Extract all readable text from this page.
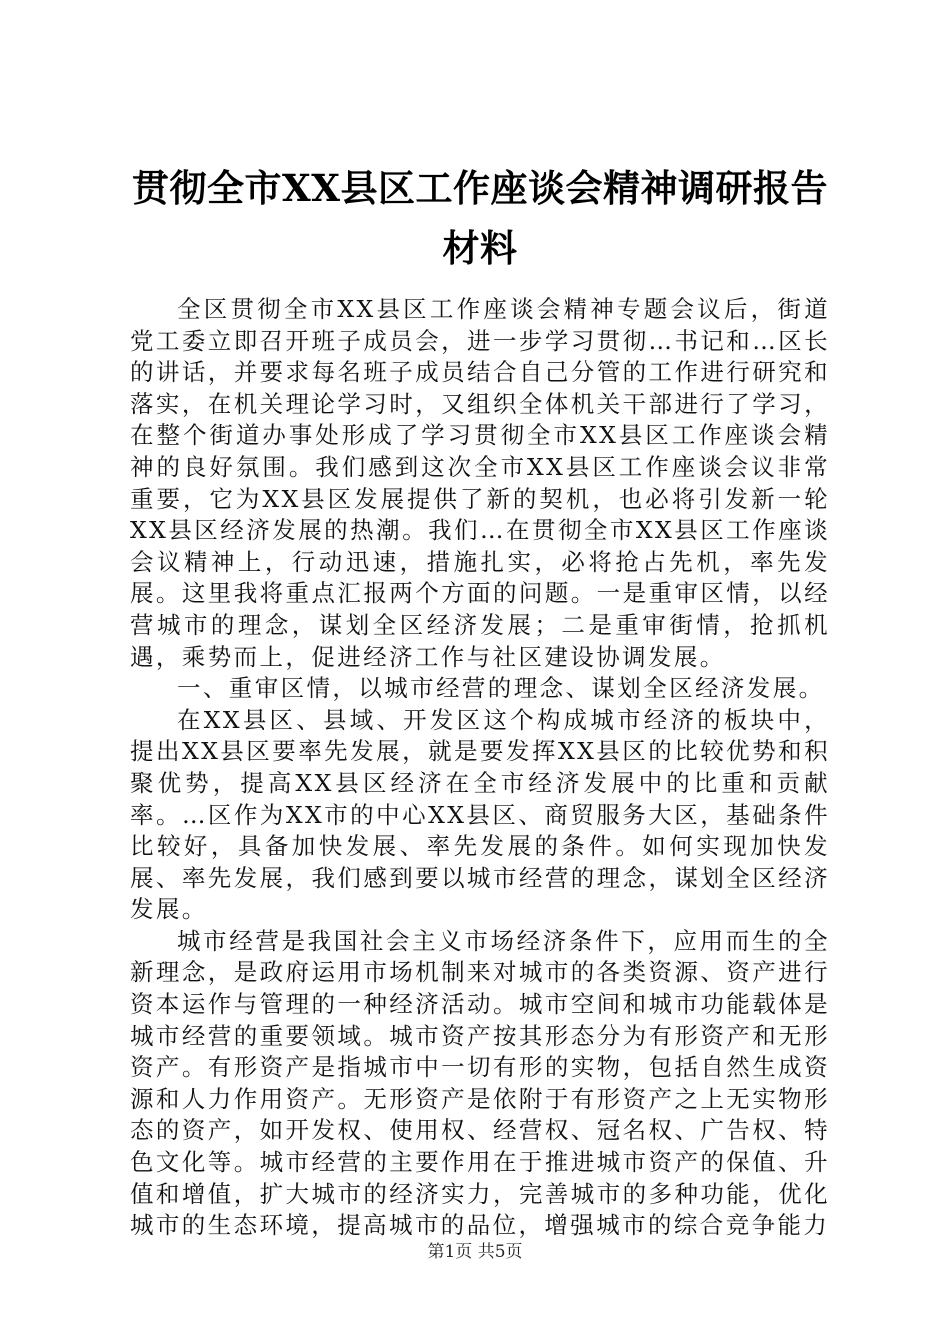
贯彻全市XX县区工作座谈会精神调研报告材料

全区贯彻全市XX县区工作座谈会精神专题会议后，街道党工委立即召开班子成员会，进一步学习贯彻…书记和…区长的讲话，并要求每名班子成员结合自己分管的工作进行研究和落实，在机关理论学习时，又组织全体机关干部进行了学习，在整个街道办事处形成了学习贯彻全市XX县区工作座谈会精神的良好氛围。我们感到这次全市XX县区工作座谈会议非常重要，它为XX县区发展提供了新的契机，也必将引发新一轮XX县区经济发展的热潮。我们…在贯彻全市XX县区工作座谈会议精神上，行动迅速，措施扎实，必将抢占先机，率先发展。这里我将重点汇报两个方面的问题。一是重审区情，以经营城市的理念，谋划全区经济发展；二是重审街情，抢抓机遇，乘势而上，促进经济工作与社区建设协调发展。

一、重审区情，以城市经营的理念、谋划全区经济发展。

在XX县区、县域、开发区这个构成城市经济的板块中，提出XX县区要率先发展，就是要发挥XX县区的比较优势和积聚优势，提高XX县区经济在全市经济发展中的比重和贡献率。…区作为XX市的中心XX县区、商贸服务大区，基础条件比较好，具备加快发展、率先发展的条件。如何实现加快发展、率先发展，我们感到要以城市经营的理念，谋划全区经济发展。

城市经营是我国社会主义市场经济条件下，应用而生的全新理念，是政府运用市场机制来对城市的各类资源、资产进行资本运作与管理的一种经济活动。城市空间和城市功能载体是城市经营的重要领域。城市资产按其形态分为有形资产和无形资产。有形资产是指城市中一切有形的实物，包括自然生成资源和人力作用资产。无形资产是依附于有形资产之上无实物形态的资产，如开发权、使用权、经营权、冠名权、广告权、特色文化等。城市经营的主要作用在于推进城市资产的保值、升值和增值，扩大城市的经济实力，完善城市的多种功能，优化城市的生态环境，提高城市的品位，增强城市的综合竞争能力

第1页 共5页
